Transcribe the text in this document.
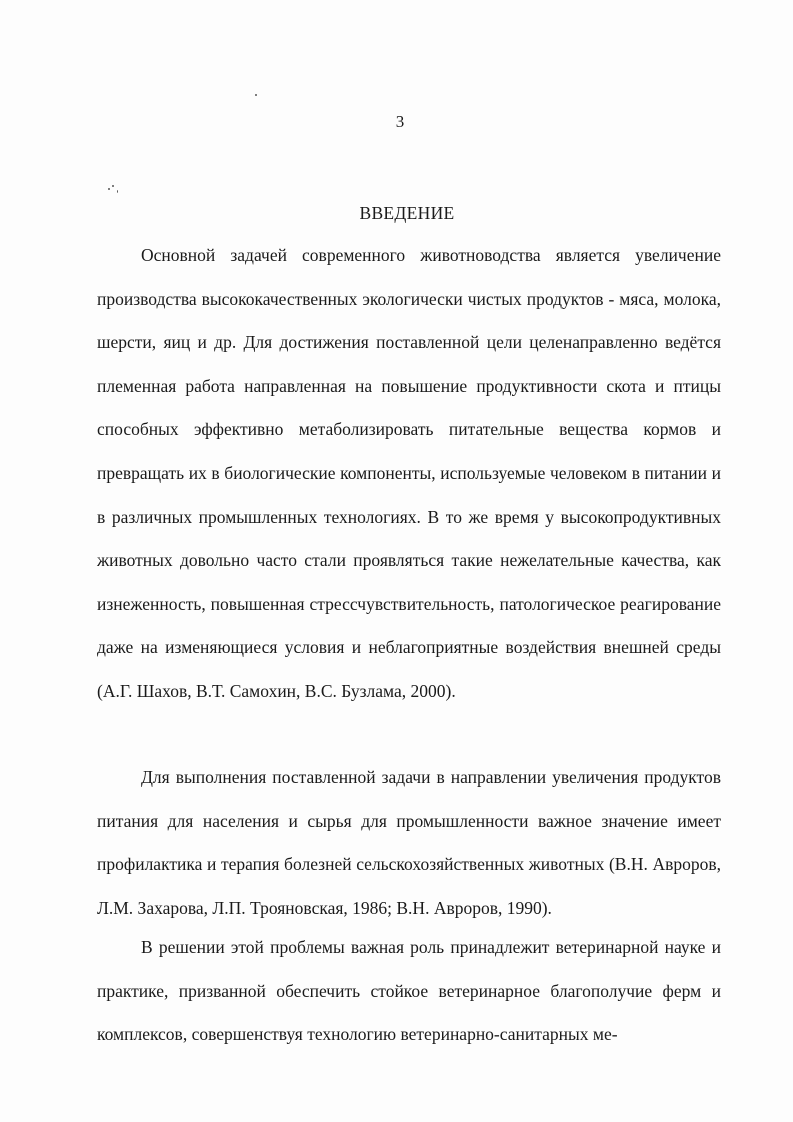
3
ВВЕДЕНИЕ

Основной задачей современного животноводства является увеличение производства высококачественных экологически чистых продуктов - мяса, молока, шерсти, яиц и др. Для достижения поставленной цели целенаправленно ведётся племенная работа направленная на повышение продуктивности скота и птицы способных эффективно метаболизировать питательные вещества кормов и превращать их в биологические компоненты, используемые человеком в питании и в различных промышленных технологиях. В то же время у высокопродуктивных животных довольно часто стали проявляться такие нежелательные качества, как изнеженность, повышенная стрессчувствительность, патологическое реагирование даже на изменяющиеся условия и неблагоприятные воздействия внешней среды (А.Г. Шахов, В.Т. Самохин, В.С. Бузлама, 2000).

Для выполнения поставленной задачи в направлении увеличения продуктов питания для населения и сырья для промышленности важное значение имеет профилактика и терапия болезней сельскохозяйственных животных (В.Н. Авроров, Л.М. Захарова, Л.П. Трояновская, 1986; В.Н. Авроров, 1990).

В решении этой проблемы важная роль принадлежит ветеринарной науке и практике, призванной обеспечить стойкое ветеринарное благополучие ферм и комплексов, совершенствуя технологию ветеринарно-санитарных ме-
